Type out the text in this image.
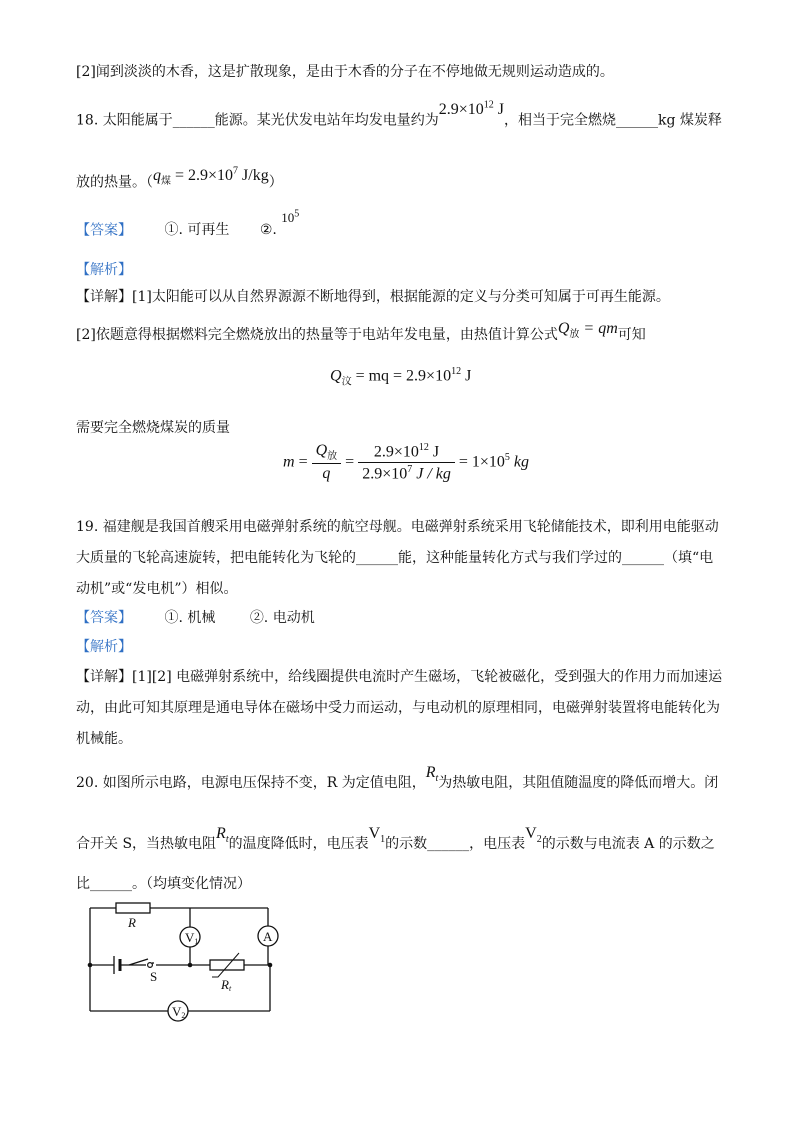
[2]闻到淡淡的木香，这是扩散现象，是由于木香的分子在不停地做无规则运动造成的。
18. 太阳能属于______能源。某光伏发电站年均发电量约为$2.9\times 10^{12}$ J，相当于完全燃烧______kg 煤炭释
放的热量。（$q_煤 = 2.9\times 10^7$ J/kg）
【答案】 ①. 可再生 ②. $10^5$
【解析】
【详解】[1]太阳能可以从自然界源源不断地得到，根据能源的定义与分类可知属于可再生能源。
[2]依题意得根据燃料完全燃烧放出的热量等于电站年发电量，由热值计算公式$Q_放$ = qm可知
$Q_汶$ = mq = $2.9\times 10^{12}$ J
需要完全燃烧煤炭的质量
$m = \frac{Q_放}{q} = \frac{2.9\times 10^{12} J}{2.9\times 10^7 J / kg} = 1\times 10^5$ kg
19. 福建舰是我国首艘采用电磁弹射系统的航空母舰。电磁弹射系统采用飞轮储能技术，即利用电能驱动
大质量的飞轮高速旋转，把电能转化为飞轮的______能，这种能量转化方式与我们学过的______（填“电
动机”或“发电机”）相似。
【答案】 ①. 机械 ②. 电动机
【解析】
【详解】[1][2] 电磁弹射系统中，给线圈提供电流时产生磁场，飞轮被磁化，受到强大的作用力而加速运
动，由此可知其原理是通电导体在磁场中受力而运动，与电动机的原理相同，电磁弹射装置将电能转化为
机械能。
20. 如图所示电路，电源电压保持不变，R 为定值电阻，$R_t$为热敏电阻，其阻值随温度的降低而增大。闭
合开关 S，当热敏电阻$R_t$的温度降低时，电压表$V_1$的示数______，电压表$V_2$的示数与电流表 A 的示数之
比______。（均填变化情况）
V1	A
V2
R
S
Rt
